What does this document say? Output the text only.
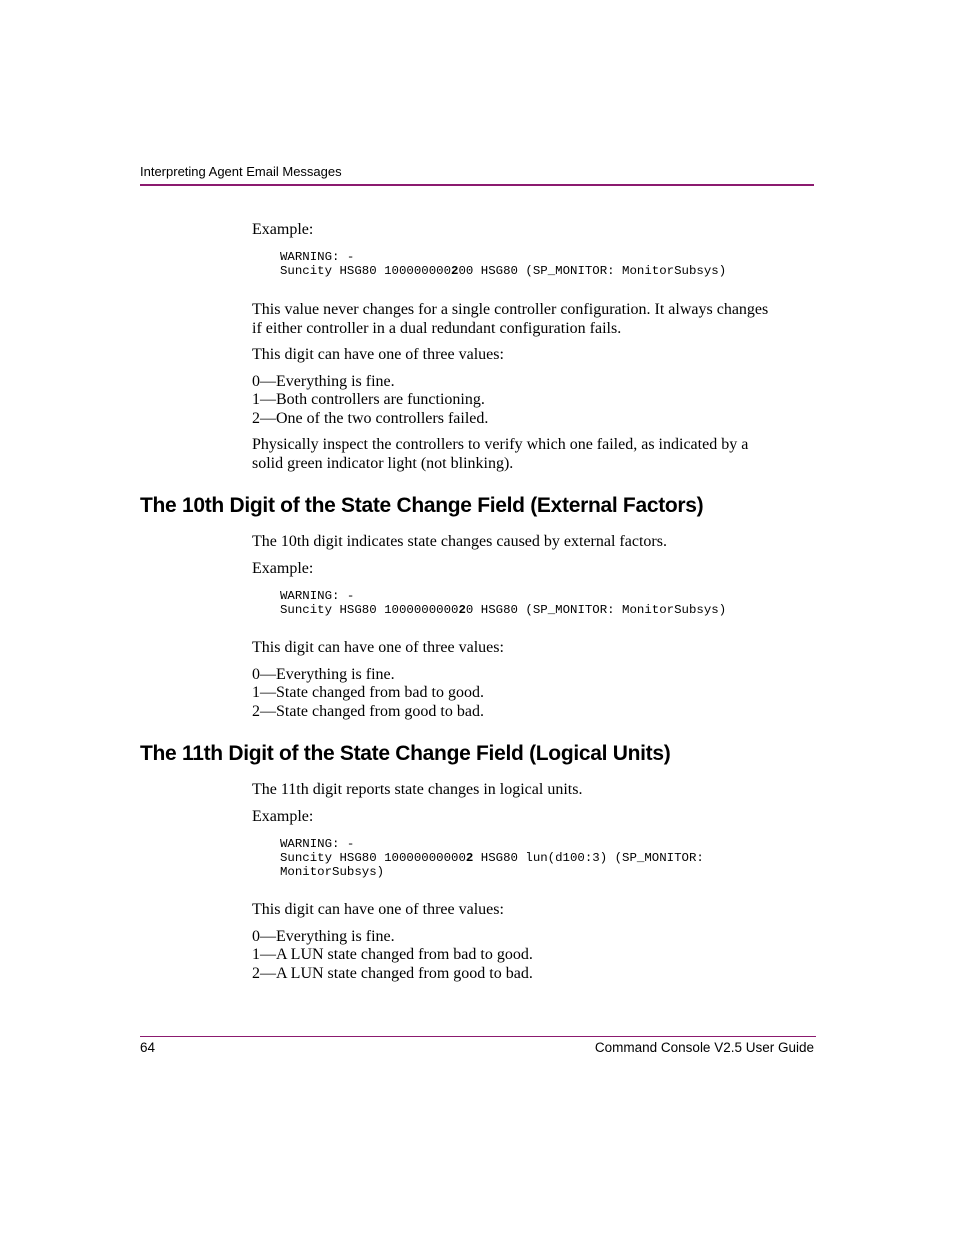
Interpreting Agent Email Messages
Example:
WARNING: -
Suncity HSG80 100000000200 HSG80 (SP_MONITOR: MonitorSubsys)
This value never changes for a single controller configuration. It always changes
if either controller in a dual redundant configuration fails.
This digit can have one of three values:
0—Everything is fine.
1—Both controllers are functioning.
2—One of the two controllers failed.
Physically inspect the controllers to verify which one failed, as indicated by a
solid green indicator light (not blinking).
The 10th Digit of the State Change Field (External Factors)
The 10th digit indicates state changes caused by external factors.
Example:
WARNING: -
Suncity HSG80 100000000020 HSG80 (SP_MONITOR: MonitorSubsys)
This digit can have one of three values:
0—Everything is fine.
1—State changed from bad to good.
2—State changed from good to bad.
The 11th Digit of the State Change Field (Logical Units)
The 11th digit reports state changes in logical units.
Example:
WARNING: -
Suncity HSG80 100000000002 HSG80 lun(d100:3) (SP_MONITOR:
MonitorSubsys)
This digit can have one of three values:
0—Everything is fine.
1—A LUN state changed from bad to good.
2—A LUN state changed from good to bad.
64	Command Console V2.5 User Guide
